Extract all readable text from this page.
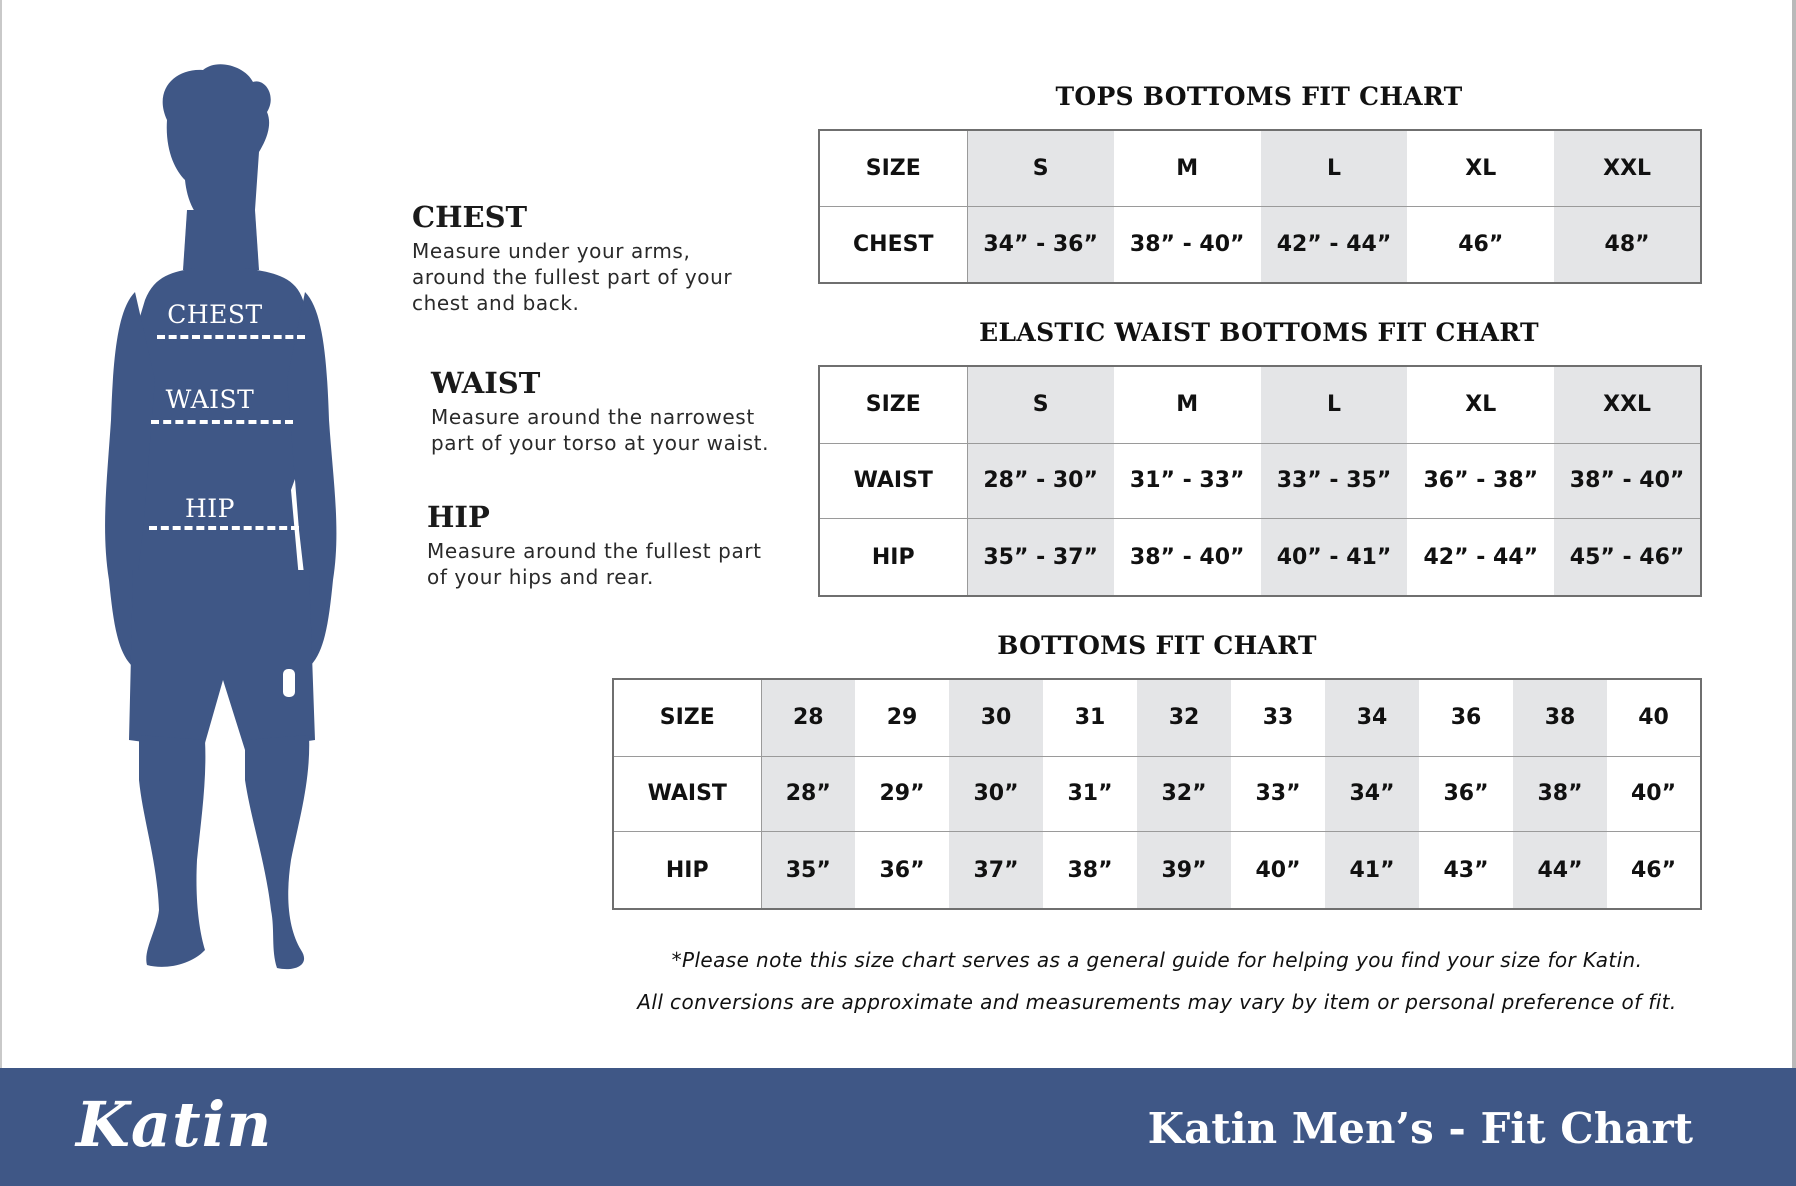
CHEST
WAIST
HIP
CHEST

Measure under your arms,

around the fullest part of your

chest and back.

WAIST

Measure around the narrowest

part of your torso at your waist.

HIP

Measure around the fullest part

of your hips and rear.

TOPS BOTTOMS FIT CHART
SIZE	S	M	L	XL	XXL
CHEST	34” - 36”	38” - 40”	42” - 44”	46”	48”
ELASTIC WAIST BOTTOMS FIT CHART
SIZE	S	M	L	XL	XXL
WAIST	28” - 30”	31” - 33”	33” - 35”	36” - 38”	38” - 40”
HIP	35” - 37”	38” - 40”	40” - 41”	42” - 44”	45” - 46”
BOTTOMS FIT CHART
SIZE	28	29	30	31	32	33	34	36	38	40
WAIST	28”	29”	30”	31”	32”	33”	34”	36”	38”	40”
HIP	35”	36”	37”	38”	39”	40”	41”	43”	44”	46”
*Please note this size chart serves as a general guide for helping you find your size for Katin.
All conversions are approximate and measurements may vary by item or personal preference of fit.
Katin	Katin Men’s - Fit Chart
